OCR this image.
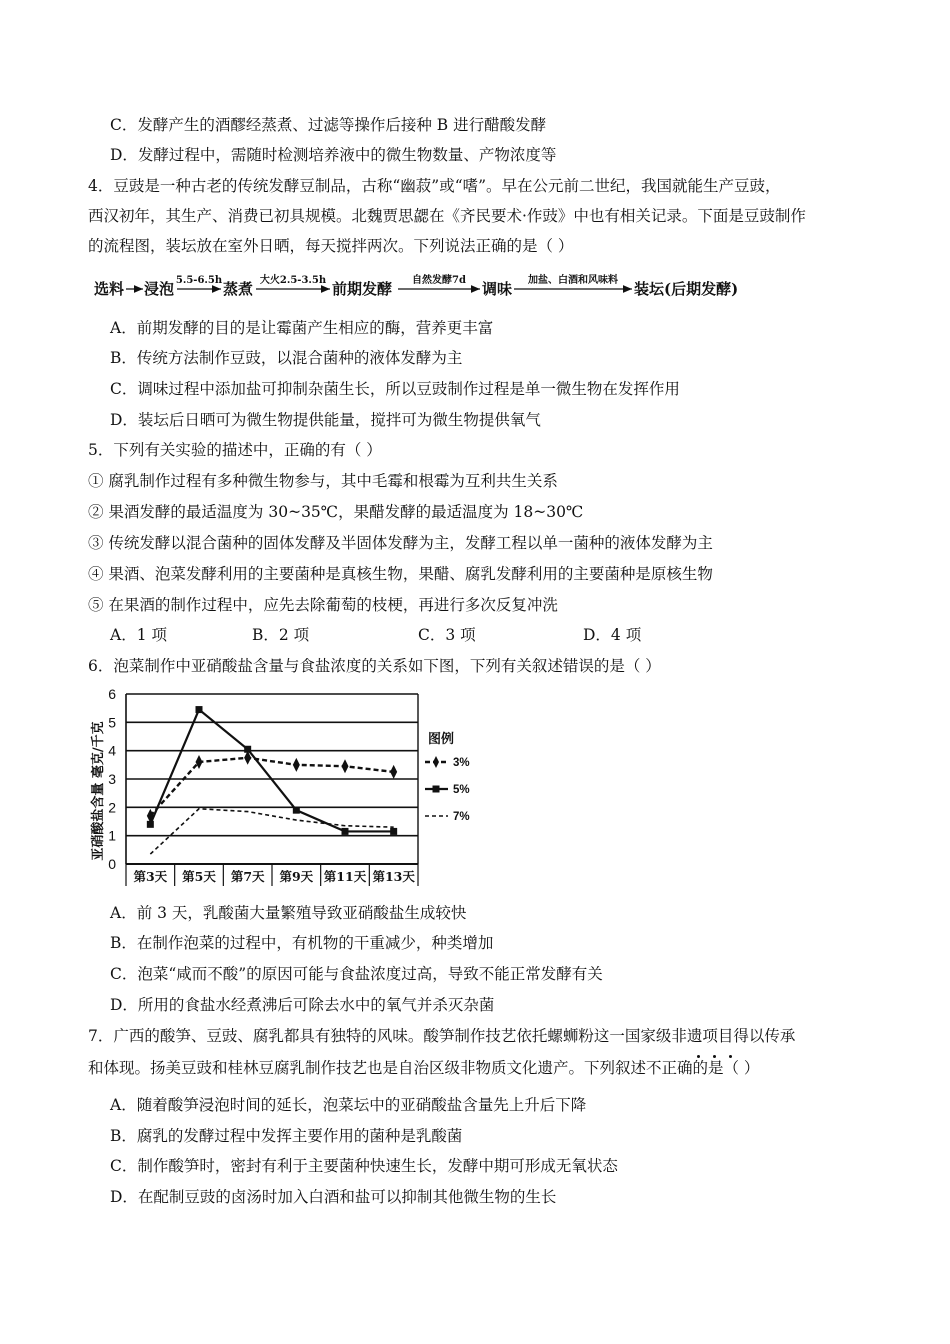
C．发酵产生的酒醪经蒸煮、过滤等操作后接种 B 进行醋酸发酵
D．发酵过程中，需随时检测培养液中的微生物数量、产物浓度等
4．豆豉是一种古老的传统发酵豆制品，古称“幽菽”或“嗜”。早在公元前二世纪，我国就能生产豆豉，
西汉初年，其生产、消费已初具规模。北魏贾思勰在《齐民要术·作豉》中也有相关记录。下面是豆豉制作
的流程图，装坛放在室外日晒，每天搅拌两次。下列说法正确的是（ ）
选料 浸泡	蒸煮	前期发酵	调味	装坛(后期发酵)
5.5-6.5h	大火2.5-3.5h	自然发酵7d	加盐、白酒和风味料
A．前期发酵的目的是让霉菌产生相应的酶，营养更丰富
B．传统方法制作豆豉，以混合菌种的液体发酵为主
C．调味过程中添加盐可抑制杂菌生长，所以豆豉制作过程是单一微生物在发挥作用
D．装坛后日晒可为微生物提供能量，搅拌可为微生物提供氧气
5．下列有关实验的描述中，正确的有（ ）
① 腐乳制作过程有多种微生物参与，其中毛霉和根霉为互利共生关系
② 果酒发酵的最适温度为 30~35℃，果醋发酵的最适温度为 18~30℃
③ 传统发酵以混合菌种的固体发酵及半固体发酵为主，发酵工程以单一菌种的液体发酵为主
④ 果酒、泡菜发酵利用的主要菌种是真核生物，果醋、腐乳发酵利用的主要菌种是原核生物
⑤ 在果酒的制作过程中，应先去除葡萄的枝梗，再进行多次反复冲洗
A．1 项	B．2 项	C．3 项	D．4 项
6．泡菜制作中亚硝酸盐含量与食盐浓度的关系如下图，下列有关叙述错误的是（ ）
0
1
2
3
4
5
6
第3天 第5天 第7天 第9天 第11天 第13天
亚硝酸盐含量 毫克/千克	图例
3%
5%
7%
A．前 3 天，乳酸菌大量繁殖导致亚硝酸盐生成较快
B．在制作泡菜的过程中，有机物的干重减少，种类增加
C．泡菜“咸而不酸”的原因可能与食盐浓度过高，导致不能正常发酵有关
D．所用的食盐水经煮沸后可除去水中的氧气并杀灭杂菌
7．广西的酸笋、豆豉、腐乳都具有独特的风味。酸笋制作技艺依托螺蛳粉这一国家级非遗项目得以传承
和体现。扬美豆豉和桂林豆腐乳制作技艺也是自治区级非物质文化遗产。下列叙述不正确的是（ ）
A．随着酸笋浸泡时间的延长，泡菜坛中的亚硝酸盐含量先上升后下降
B．腐乳的发酵过程中发挥主要作用的菌种是乳酸菌
C．制作酸笋时，密封有利于主要菌种快速生长，发酵中期可形成无氧状态
D．在配制豆豉的卤汤时加入白酒和盐可以抑制其他微生物的生长
